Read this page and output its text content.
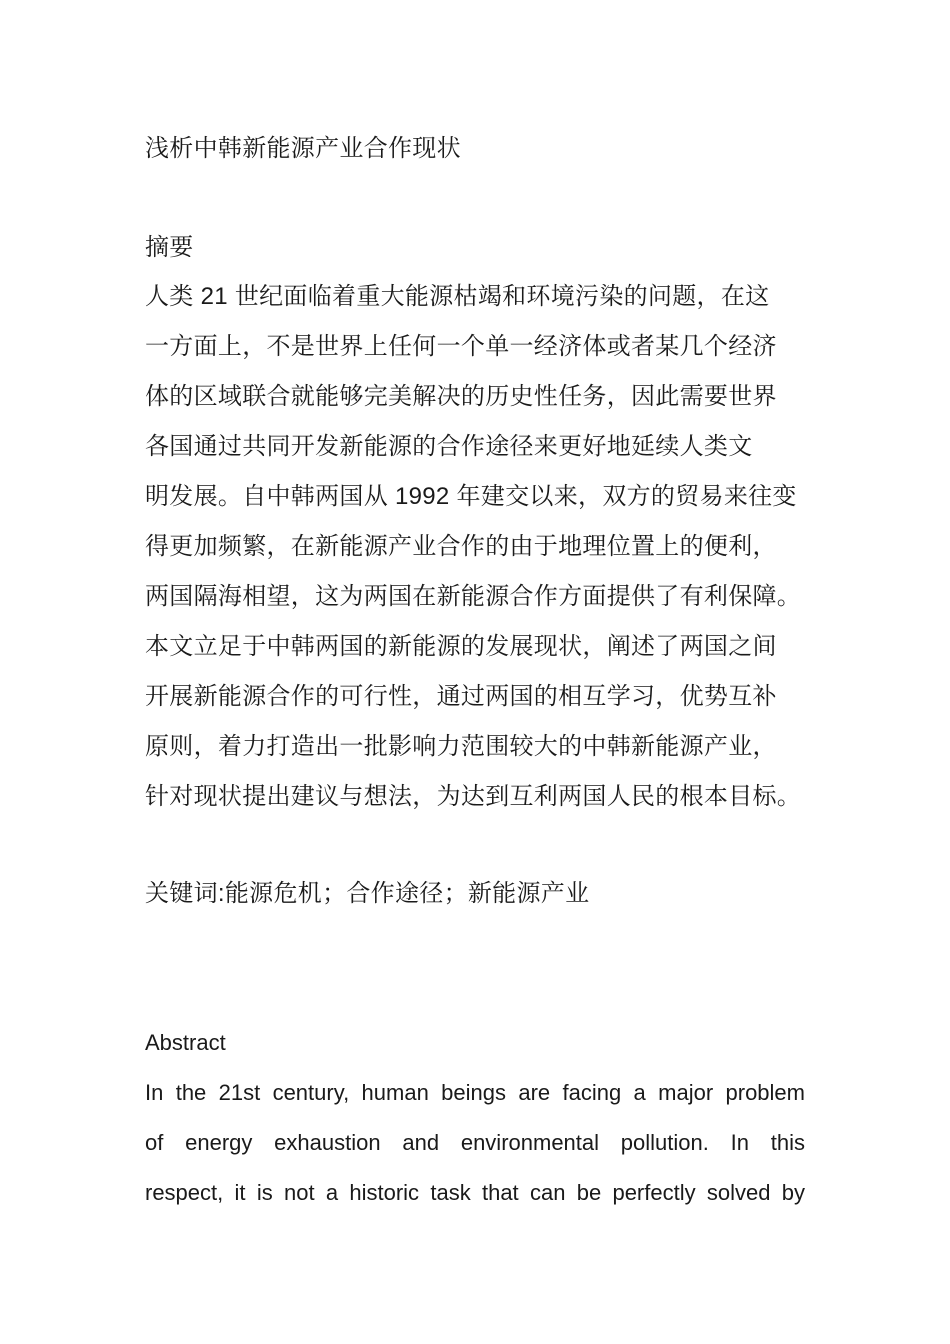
浅析中韩新能源产业合作现状
摘要
人类 21 世纪面临着重大能源枯竭和环境污染的问题，在这
一方面上，不是世界上任何一个单一经济体或者某几个经济
体的区域联合就能够完美解决的历史性任务，因此需要世界
各国通过共同开发新能源的合作途径来更好地延续人类文
明发展。自中韩两国从 1992 年建交以来，双方的贸易来往变
得更加频繁，在新能源产业合作的由于地理位置上的便利，
两国隔海相望，这为两国在新能源合作方面提供了有利保障。
本文立足于中韩两国的新能源的发展现状，阐述了两国之间
开展新能源合作的可行性，通过两国的相互学习，优势互补
原则，着力打造出一批影响力范围较大的中韩新能源产业，
针对现状提出建议与想法，为达到互利两国人民的根本目标。
关键词:能源危机；合作途径；新能源产业
Abstract
In the 21st century, human beings are facing a major problem
of energy exhaustion and environmental pollution. In this
respect, it is not a historic task that can be perfectly solved by
